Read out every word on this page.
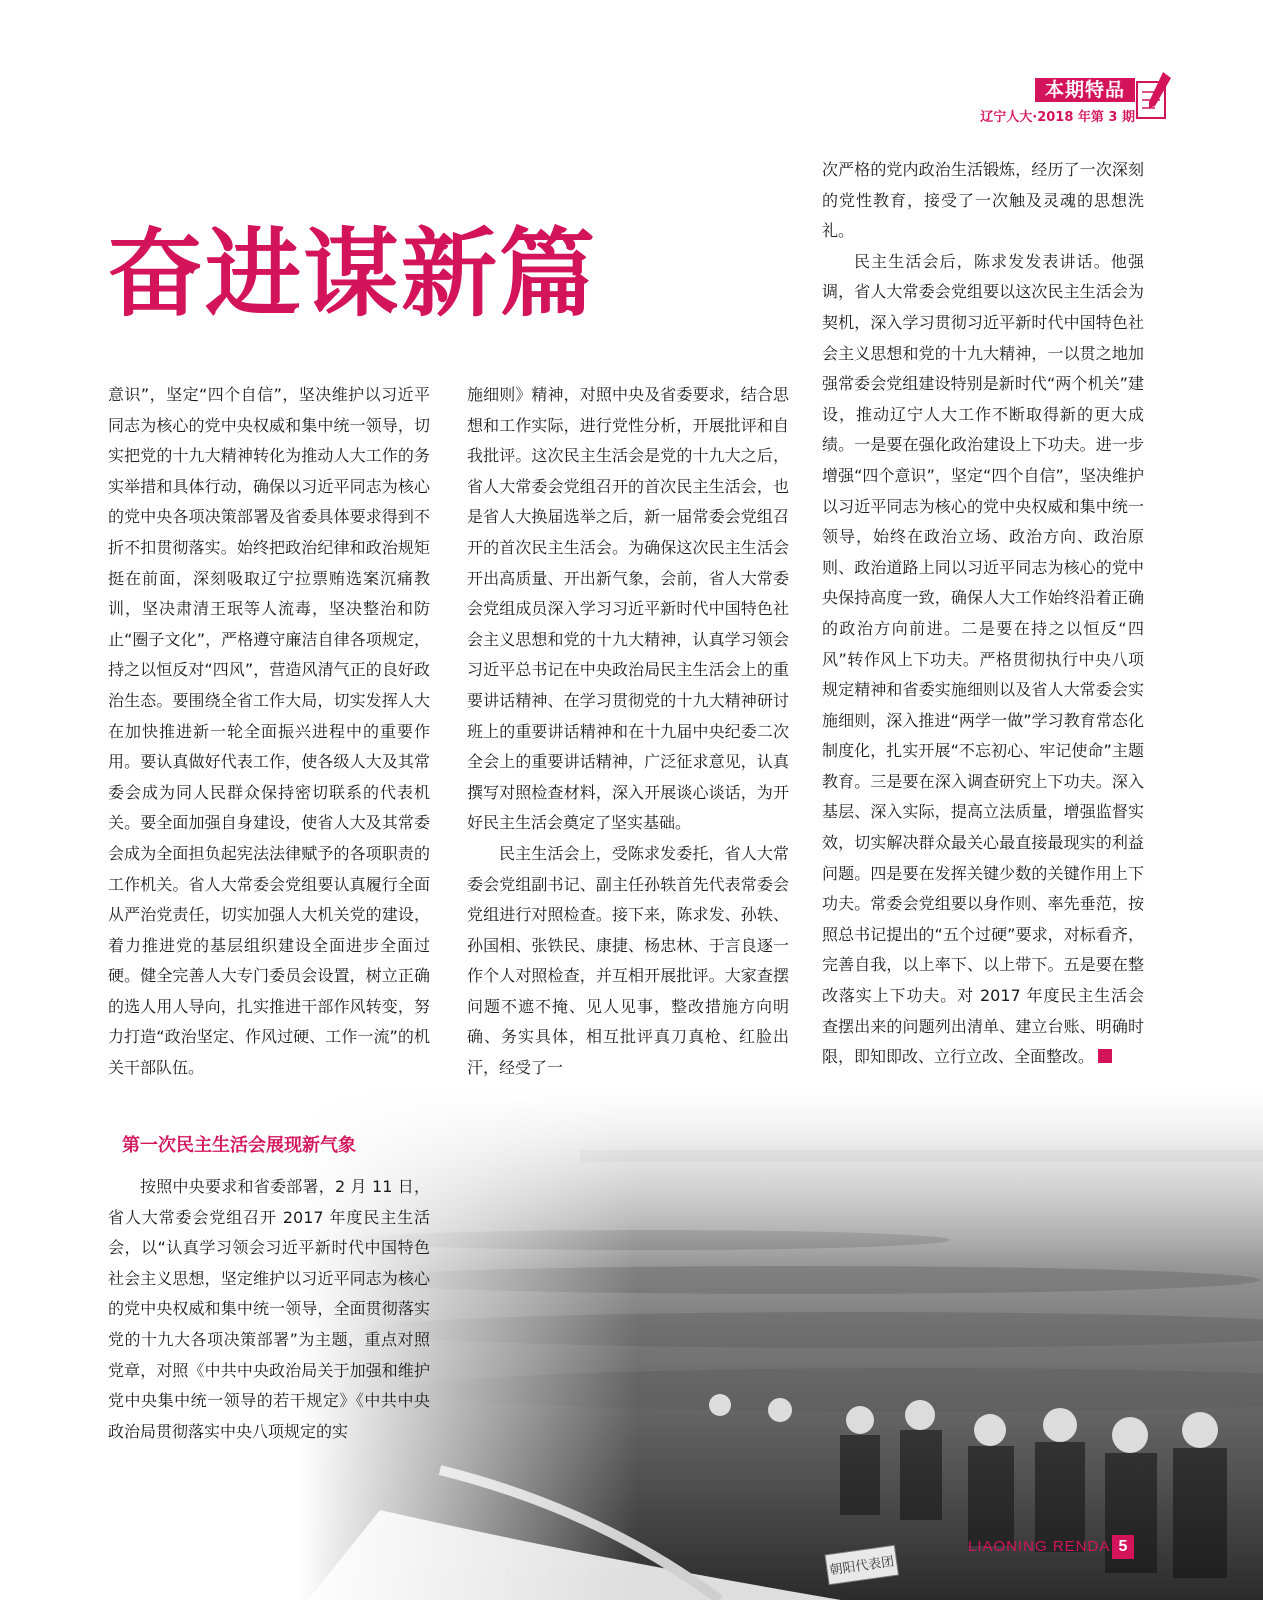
本期特品
辽宁人大·2018 年第 3 期
奋进谋新篇

意识”，坚定“四个自信”，坚决维护以习近平同志为核心的党中央权威和集中统一领导，切实把党的十九大精神转化为推动人大工作的务实举措和具体行动，确保以习近平同志为核心的党中央各项决策部署及省委具体要求得到不折不扣贯彻落实。始终把政治纪律和政治规矩挺在前面，深刻吸取辽宁拉票贿选案沉痛教训，坚决肃清王珉等人流毒，坚决整治和防止“圈子文化”，严格遵守廉洁自律各项规定，持之以恒反对“四风”，营造风清气正的良好政治生态。要围绕全省工作大局，切实发挥人大在加快推进新一轮全面振兴进程中的重要作用。要认真做好代表工作，使各级人大及其常委会成为同人民群众保持密切联系的代表机关。要全面加强自身建设，使省人大及其常委会成为全面担负起宪法法律赋予的各项职责的工作机关。省人大常委会党组要认真履行全面从严治党责任，切实加强人大机关党的建设，着力推进党的基层组织建设全面进步全面过硬。健全完善人大专门委员会设置，树立正确的选人用人导向，扎实推进干部作风转变，努力打造“政治坚定、作风过硬、工作一流”的机关干部队伍。

第一次民主生活会展现新气象

按照中央要求和省委部署，2 月 11 日，省人大常委会党组召开 2017 年度民主生活会，以“认真学习领会习近平新时代中国特色社会主义思想，坚定维护以习近平同志为核心的党中央权威和集中统一领导，全面贯彻落实党的十九大各项决策部署”为主题，重点对照党章，对照《中共中央政治局关于加强和维护党中央集中统一领导的若干规定》《中共中央政治局贯彻落实中央八项规定的实

施细则》精神，对照中央及省委要求，结合思想和工作实际，进行党性分析，开展批评和自我批评。这次民主生活会是党的十九大之后，省人大常委会党组召开的首次民主生活会，也是省人大换届选举之后，新一届常委会党组召开的首次民主生活会。为确保这次民主生活会开出高质量、开出新气象，会前，省人大常委会党组成员深入学习习近平新时代中国特色社会主义思想和党的十九大精神，认真学习领会习近平总书记在中央政治局民主生活会上的重要讲话精神、在学习贯彻党的十九大精神研讨班上的重要讲话精神和在十九届中央纪委二次全会上的重要讲话精神，广泛征求意见，认真撰写对照检查材料，深入开展谈心谈话，为开好民主生活会奠定了坚实基础。

民主生活会上，受陈求发委托，省人大常委会党组副书记、副主任孙轶首先代表常委会党组进行对照检查。接下来，陈求发、孙轶、孙国相、张铁民、康捷、杨忠林、于言良逐一作个人对照检查，并互相开展批评。大家查摆问题不遮不掩、见人见事，整改措施方向明确、务实具体，相互批评真刀真枪、红脸出汗，经受了一

次严格的党内政治生活锻炼，经历了一次深刻的党性教育，接受了一次触及灵魂的思想洗礼。

民主生活会后，陈求发发表讲话。他强调，省人大常委会党组要以这次民主生活会为契机，深入学习贯彻习近平新时代中国特色社会主义思想和党的十九大精神，一以贯之地加强常委会党组建设特别是新时代“两个机关”建设，推动辽宁人大工作不断取得新的更大成绩。一是要在强化政治建设上下功夫。进一步增强“四个意识”，坚定“四个自信”，坚决维护以习近平同志为核心的党中央权威和集中统一领导，始终在政治立场、政治方向、政治原则、政治道路上同以习近平同志为核心的党中央保持高度一致，确保人大工作始终沿着正确的政治方向前进。二是要在持之以恒反“四风”转作风上下功夫。严格贯彻执行中央八项规定精神和省委实施细则以及省人大常委会实施细则，深入推进“两学一做”学习教育常态化制度化，扎实开展“不忘初心、牢记使命”主题教育。三是要在深入调查研究上下功夫。深入基层、深入实际，提高立法质量，增强监督实效，切实解决群众最关心最直接最现实的利益问题。四是要在发挥关键少数的关键作用上下功夫。常委会党组要以身作则、率先垂范，按照总书记提出的“五个过硬”要求，对标看齐，完善自我，以上率下、以上带下。五是要在整改落实上下功夫。对 2017 年度民主生活会查摆出来的问题列出清单、建立台账、明确时限，即知即改、立行立改、全面整改。

LIAONING RENDA 5
